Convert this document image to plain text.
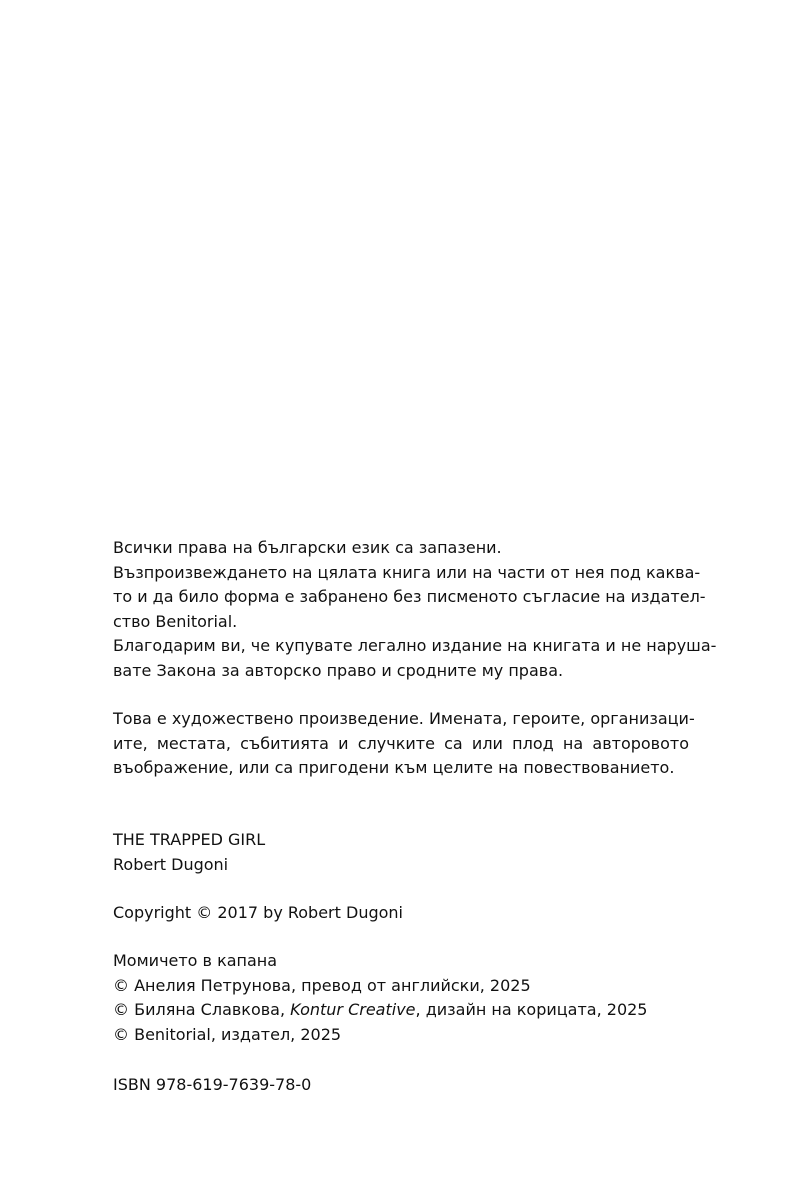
Всички права на български език са запазени.
Възпроизвеждането на цялата книга или на части от нея под каква-
то и да било форма е забранено без писменото съгласие на издател-
ство Benitorial.
Благодарим ви, че купувате легално издание на книгата и не наруша-
вате Закона за авторско право и сродните му права.
Това е художествено произведение. Имената, героите, организаци-
ите, местата, събитията и случките са или плод на авторовото
въображение, или са пригодени към целите на повествованието.
THE TRAPPED GIRL
Robert Dugoni
Copyright © 2017 by Robert Dugoni
Момичето в капана
© Анелия Петрунова, превод от английски, 2025
© Биляна Славкова, Kontur Creative, дизайн на корицата, 2025
© Benitorial, издател, 2025
ISBN 978-619-7639-78-0
